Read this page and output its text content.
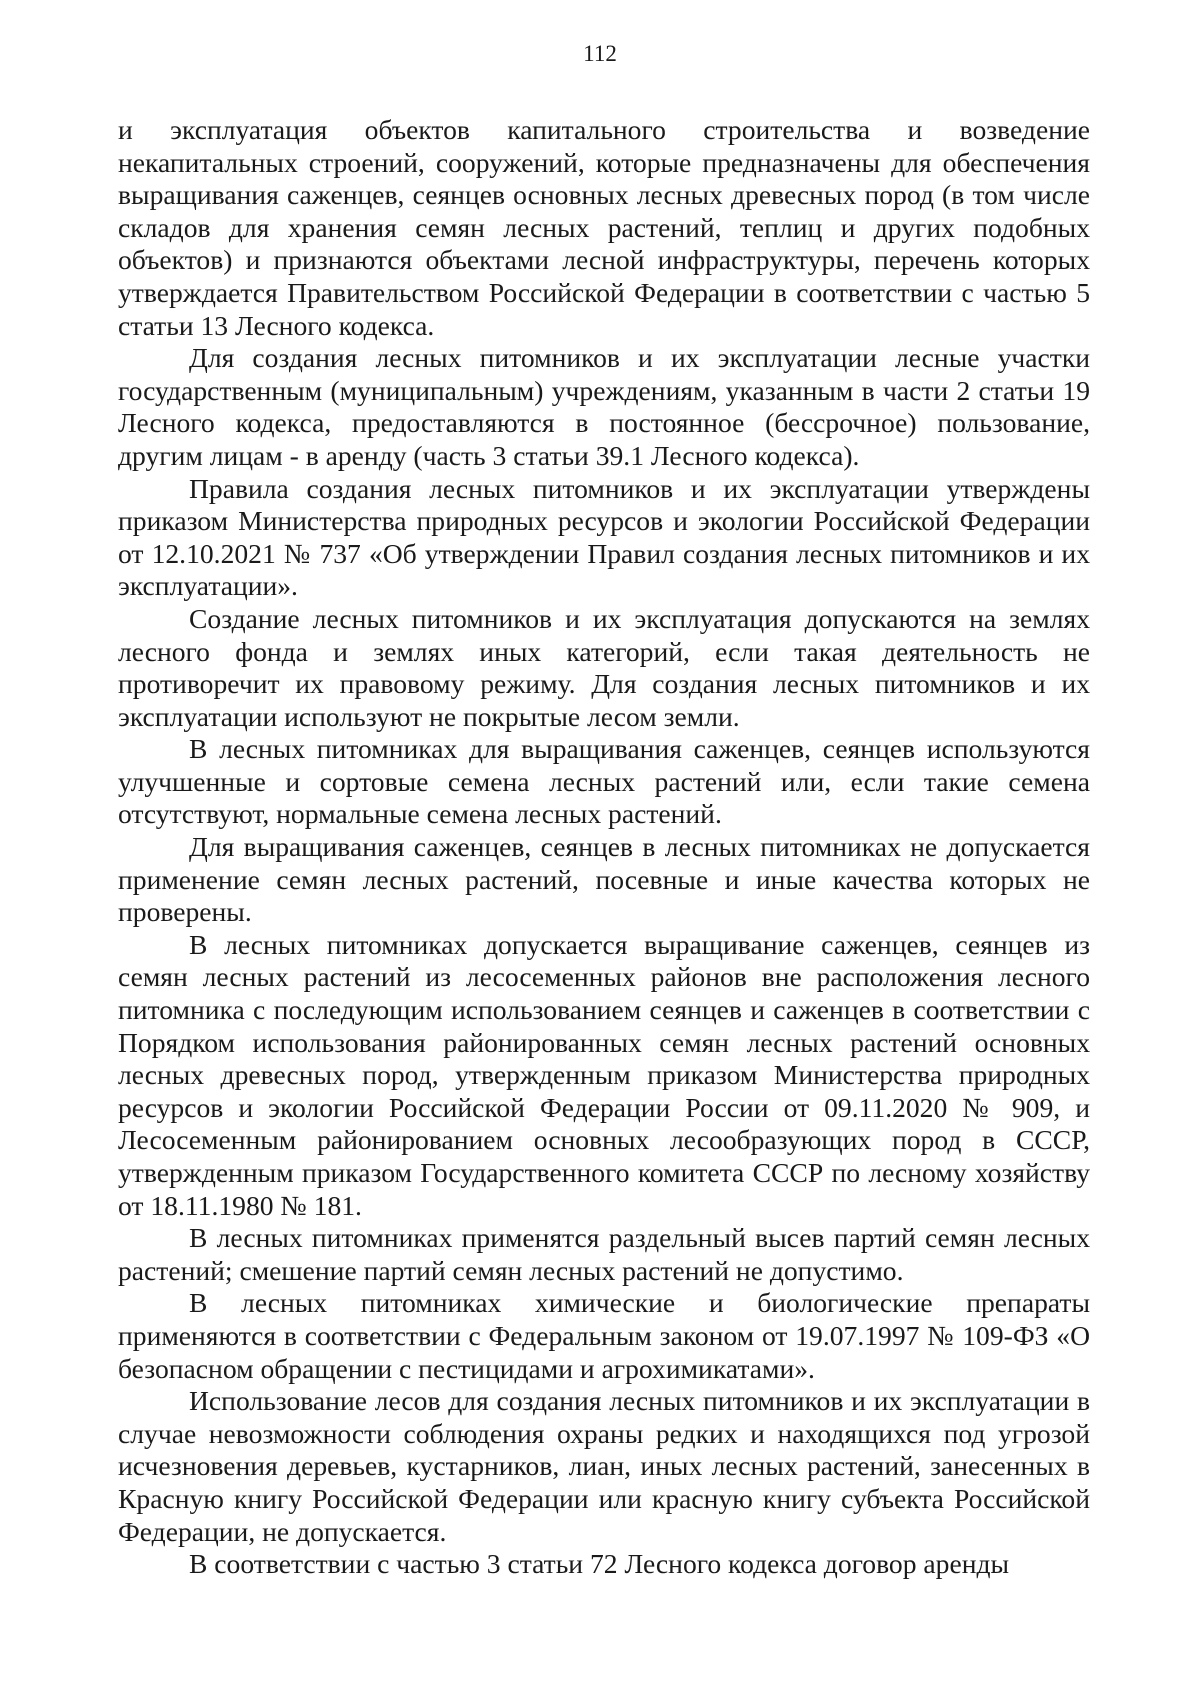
112

и эксплуатация объектов капитального строительства и возведение некапитальных строений, сооружений, которые предназначены для обеспечения выращивания саженцев, сеянцев основных лесных древесных пород (в том числе складов для хранения семян лесных растений, теплиц и других подобных объектов) и признаются объектами лесной инфраструктуры, перечень которых утверждается Правительством Российской Федерации в соответствии с частью 5 статьи 13 Лесного кодекса.

Для создания лесных питомников и их эксплуатации лесные участки государственным (муниципальным) учреждениям, указанным в части 2 статьи 19 Лесного кодекса, предоставляются в постоянное (бессрочное) пользование, другим лицам - в аренду (часть 3 статьи 39.1 Лесного кодекса).

Правила создания лесных питомников и их эксплуатации утверждены приказом Министерства природных ресурсов и экологии Российской Федерации от 12.10.2021 № 737 «Об утверждении Правил создания лесных питомников и их эксплуатации».

Создание лесных питомников и их эксплуатация допускаются на землях лесного фонда и землях иных категорий, если такая деятельность не противоречит их правовому режиму. Для создания лесных питомников и их эксплуатации используют не покрытые лесом земли.

В лесных питомниках для выращивания саженцев, сеянцев используются улучшенные и сортовые семена лесных растений или, если такие семена отсутствуют, нормальные семена лесных растений.

Для выращивания саженцев, сеянцев в лесных питомниках не допускается применение семян лесных растений, посевные и иные качества которых не проверены.

В лесных питомниках допускается выращивание саженцев, сеянцев из семян лесных растений из лесосеменных районов вне расположения лесного питомника с последующим использованием сеянцев и саженцев в соответствии с Порядком использования районированных семян лесных растений основных лесных древесных пород, утвержденным приказом Министерства природных ресурсов и экологии Российской Федерации России от 09.11.2020 № 909, и Лесосеменным районированием основных лесообразующих пород в СССР, утвержденным приказом Государственного комитета СССР по лесному хозяйству от 18.11.1980 № 181.

В лесных питомниках применятся раздельный высев партий семян лесных растений; смешение партий семян лесных растений не допустимо.

В лесных питомниках химические и биологические препараты применяются в соответствии с Федеральным законом от 19.07.1997 № 109-ФЗ «О безопасном обращении с пестицидами и агрохимикатами».

Использование лесов для создания лесных питомников и их эксплуатации в случае невозможности соблюдения охраны редких и находящихся под угрозой исчезновения деревьев, кустарников, лиан, иных лесных растений, занесенных в Красную книгу Российской Федерации или красную книгу субъекта Российской Федерации, не допускается.

В соответствии с частью 3 статьи 72 Лесного кодекса договор аренды
